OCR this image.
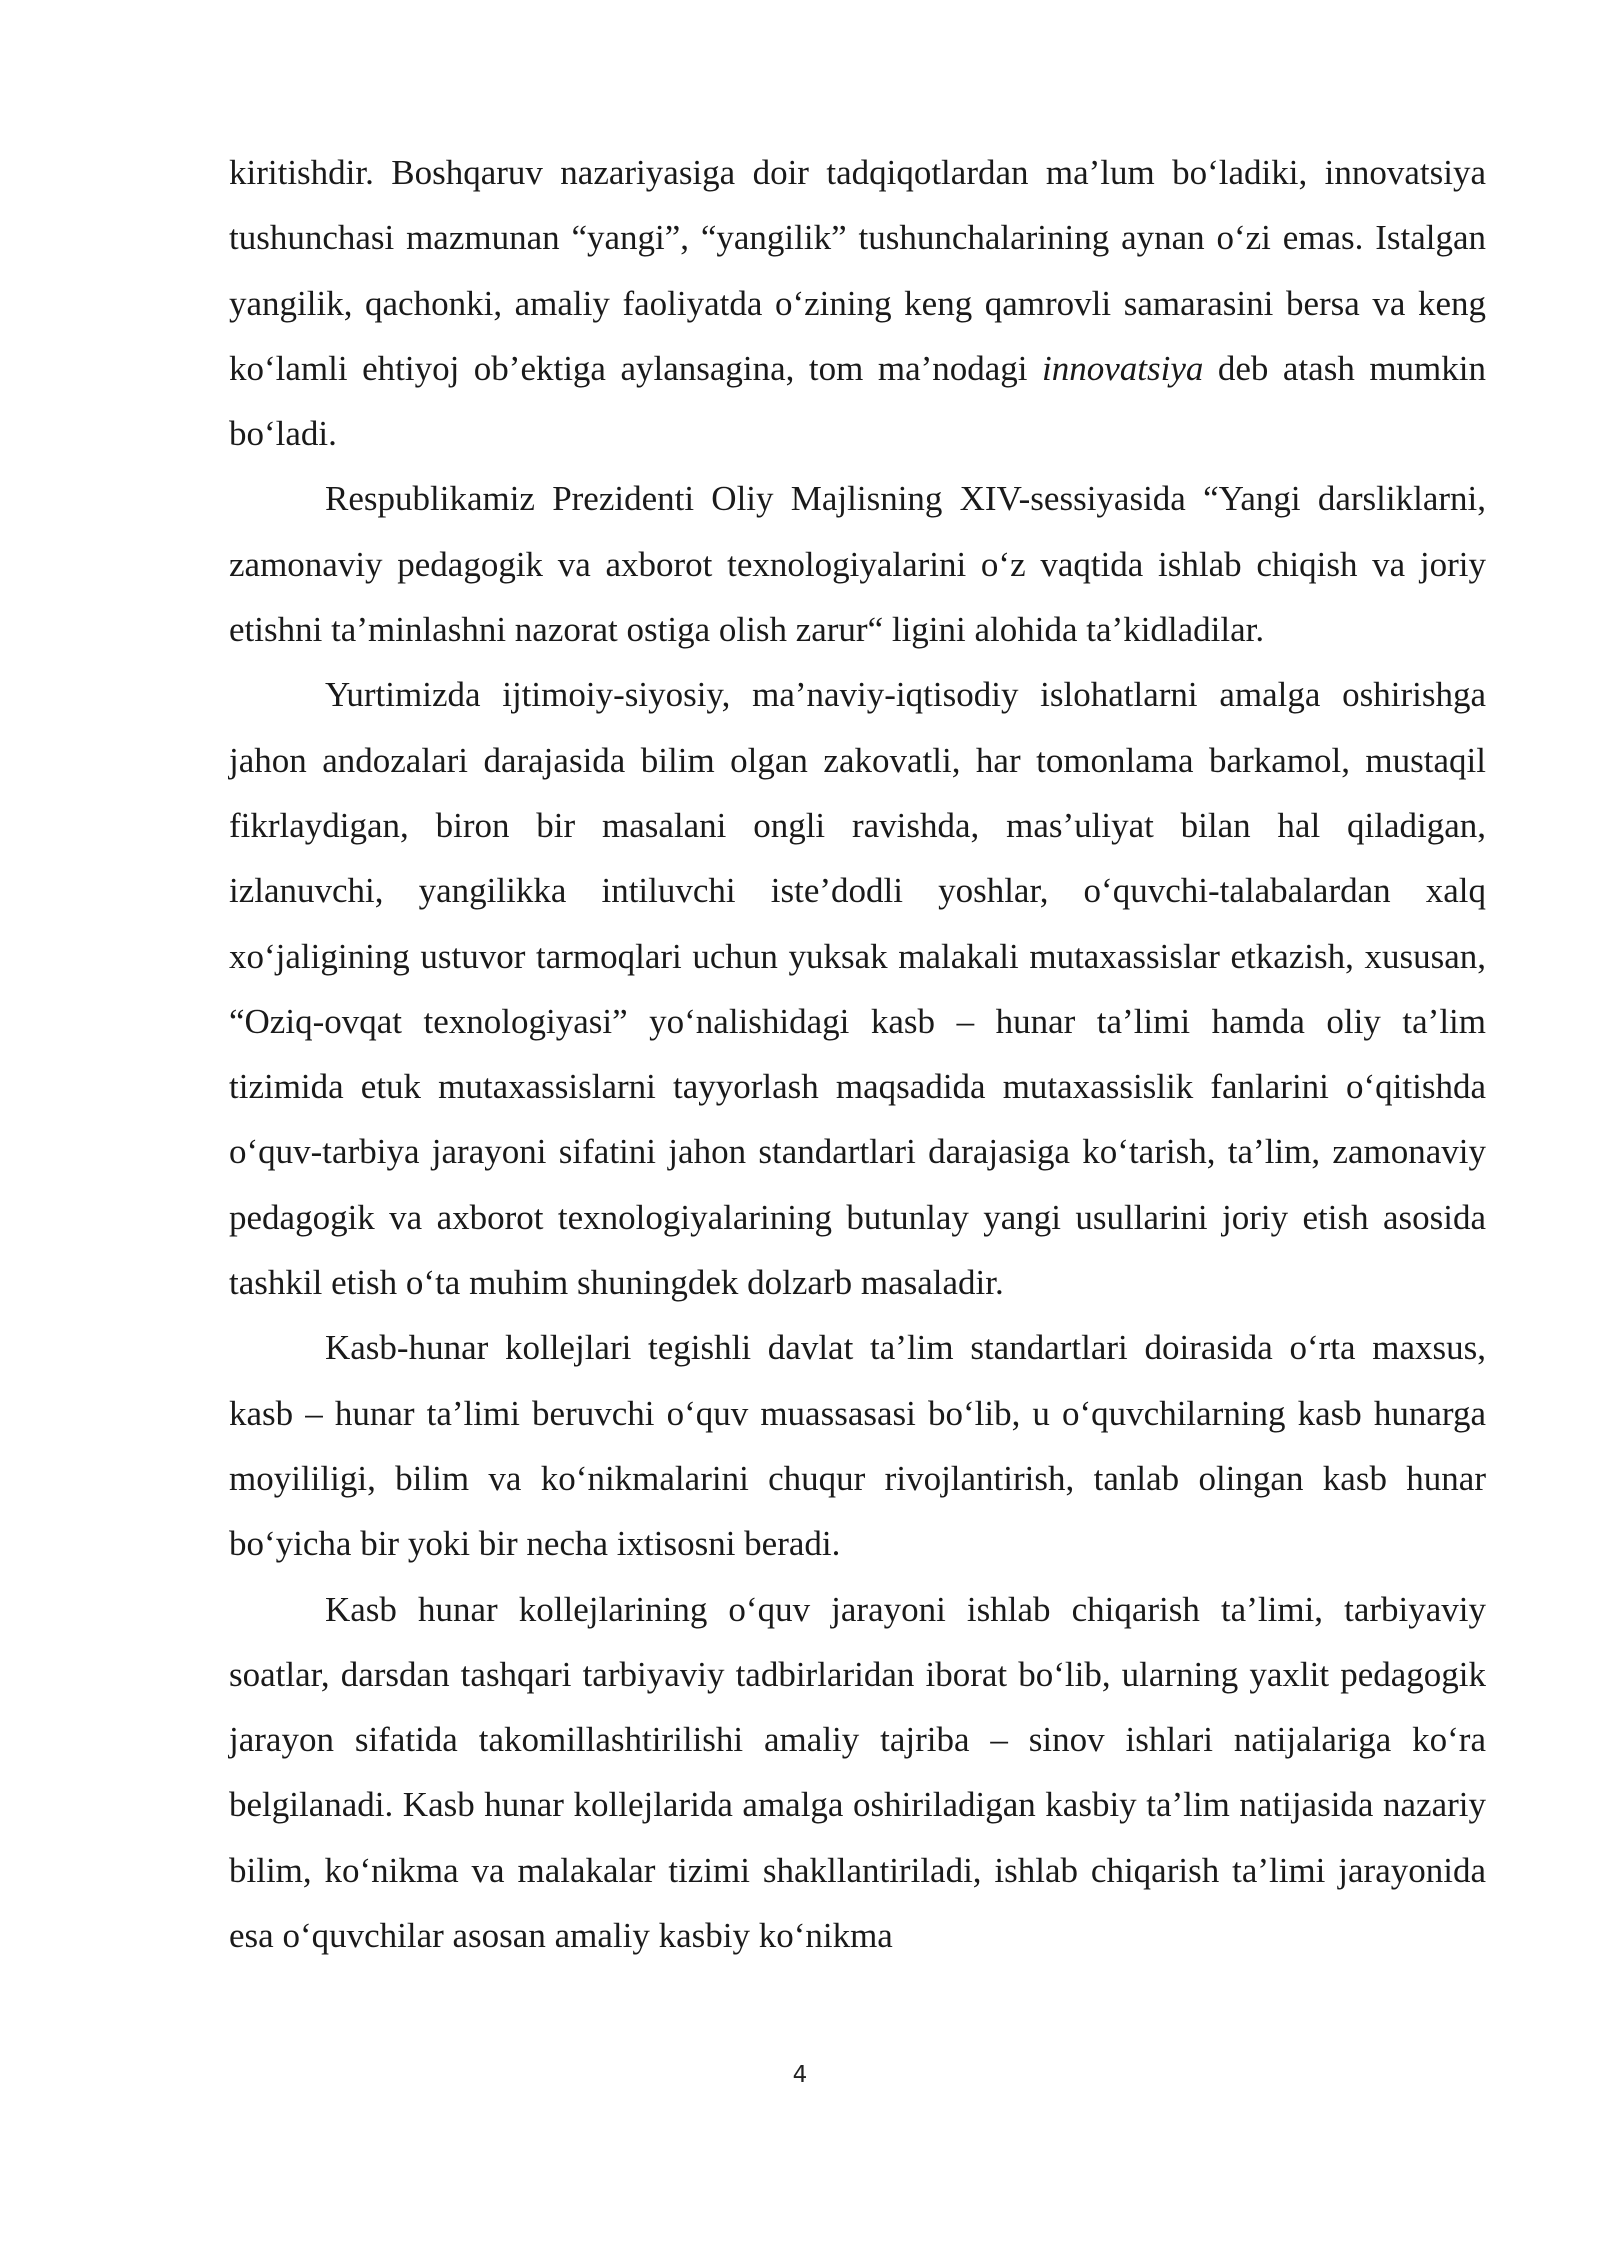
kiritishdir. Boshqaruv nazariyasiga doir tadqiqotlardan ma’lum bo‘ladiki, innovatsiya tushunchasi mazmunan “yangi”, “yangilik” tushunchalarining aynan o‘zi emas. Istalgan yangilik, qachonki, amaliy faoliyatda o‘zining keng qamrovli samarasini bersa va keng ko‘lamli ehtiyoj ob’ektiga aylansagina, tom ma’nodagi innovatsiya deb atash mumkin bo‘ladi.

Respublikamiz Prezidenti Oliy Majlisning XIV-sessiyasida “Yangi darsliklarni, zamonaviy pedagogik va axborot texnologiyalarini o‘z vaqtida ishlab chiqish va joriy etishni ta’minlashni nazorat ostiga olish zarur“ ligini alohida ta’kidladilar.

Yurtimizda ijtimoiy-siyosiy, ma’naviy-iqtisodiy islohatlarni amalga oshirishga jahon andozalari darajasida bilim olgan zakovatli, har tomonlama barkamol, mustaqil fikrlaydigan, biron bir masalani ongli ravishda, mas’uliyat bilan hal qiladigan, izlanuvchi, yangilikka intiluvchi iste’dodli yoshlar, o‘quvchi-talabalardan xalq xo‘jaligining ustuvor tarmoqlari uchun yuksak malakali mutaxassislar etkazish, xususan, “Oziq-ovqat texnologiyasi” yo‘nalishidagi kasb – hunar ta’limi hamda oliy ta’lim tizimida etuk mutaxassislarni tayyorlash maqsadida mutaxassislik fanlarini o‘qitishda o‘quv-tarbiya jarayoni sifatini jahon standartlari darajasiga ko‘tarish, ta’lim, zamonaviy pedagogik va axborot texnologiyalarining butunlay yangi usullarini joriy etish asosida tashkil etish o‘ta muhim shuningdek dolzarb masaladir.

Kasb-hunar kollejlari tegishli davlat ta’lim standartlari doirasida o‘rta maxsus, kasb – hunar ta’limi beruvchi o‘quv muassasasi bo‘lib, u o‘quvchilarning kasb hunarga moyililigi, bilim va ko‘nikmalarini chuqur rivojlantirish, tanlab olingan kasb hunar bo‘yicha bir yoki bir necha ixtisosni beradi.

Kasb hunar kollejlarining o‘quv jarayoni ishlab chiqarish ta’limi, tarbiyaviy soatlar, darsdan tashqari tarbiyaviy tadbirlaridan iborat bo‘lib, ularning yaxlit pedagogik jarayon sifatida takomillashtirilishi amaliy tajriba – sinov ishlari natijalariga ko‘ra belgilanadi. Kasb hunar kollejlarida amalga oshiriladigan kasbiy ta’lim natijasida nazariy bilim, ko‘nikma va malakalar tizimi shakllantiriladi, ishlab chiqarish ta’limi jarayonida esa o‘quvchilar asosan amaliy kasbiy ko‘nikma

4
